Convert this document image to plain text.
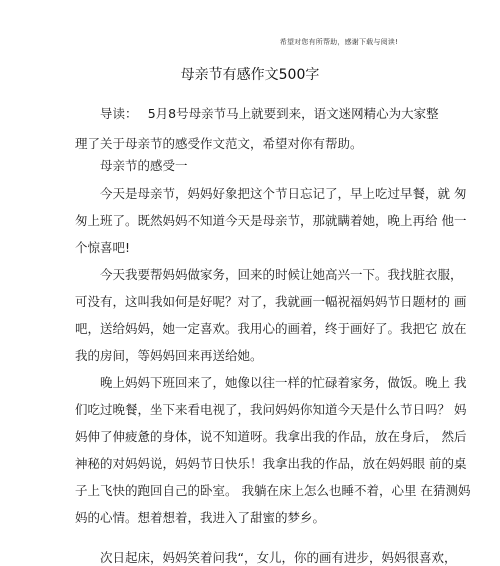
希望对您有所帮助，感谢下载与阅读!
母亲节有感作文500字
导读：　 5月8号母亲节马上就要到来，语文迷网精心为大家整
理了关于母亲节的感受作文范文，希望对你有帮助。
母亲节的感受一
今天是母亲节，妈妈好象把这个节日忘记了，早上吃过早餐，就 匆
匆上班了。既然妈妈不知道今天是母亲节，那就瞒着她，晚上再给 他一
个惊喜吧!
今天我要帮妈妈做家务，回来的时候让她高兴一下。我找脏衣服，
可没有，这叫我如何是好呢？对了，我就画一幅祝福妈妈节日题材的 画
吧，送给妈妈，她一定喜欢。我用心的画着，终于画好了。我把它 放在
我的房间，等妈妈回来再送给她。
晚上妈妈下班回来了，她像以往一样的忙碌着家务，做饭。晚上 我
们吃过晚餐，坐下来看电视了，我问妈妈你知道今天是什么节日吗？ 妈
妈伸了伸疲惫的身体，说不知道呀。我拿出我的作品，放在身后， 然后
神秘的对妈妈说，妈妈节日快乐！我拿出我的作品，放在妈妈眼 前的桌
子上飞快的跑回自己的卧室。 我躺在床上怎么也睡不着，心里 在猜测妈
妈的心情。想着想着，我进入了甜蜜的梦乡。
次日起床，妈妈笑着问我“，女儿，你的画有进步，妈妈很喜欢，
